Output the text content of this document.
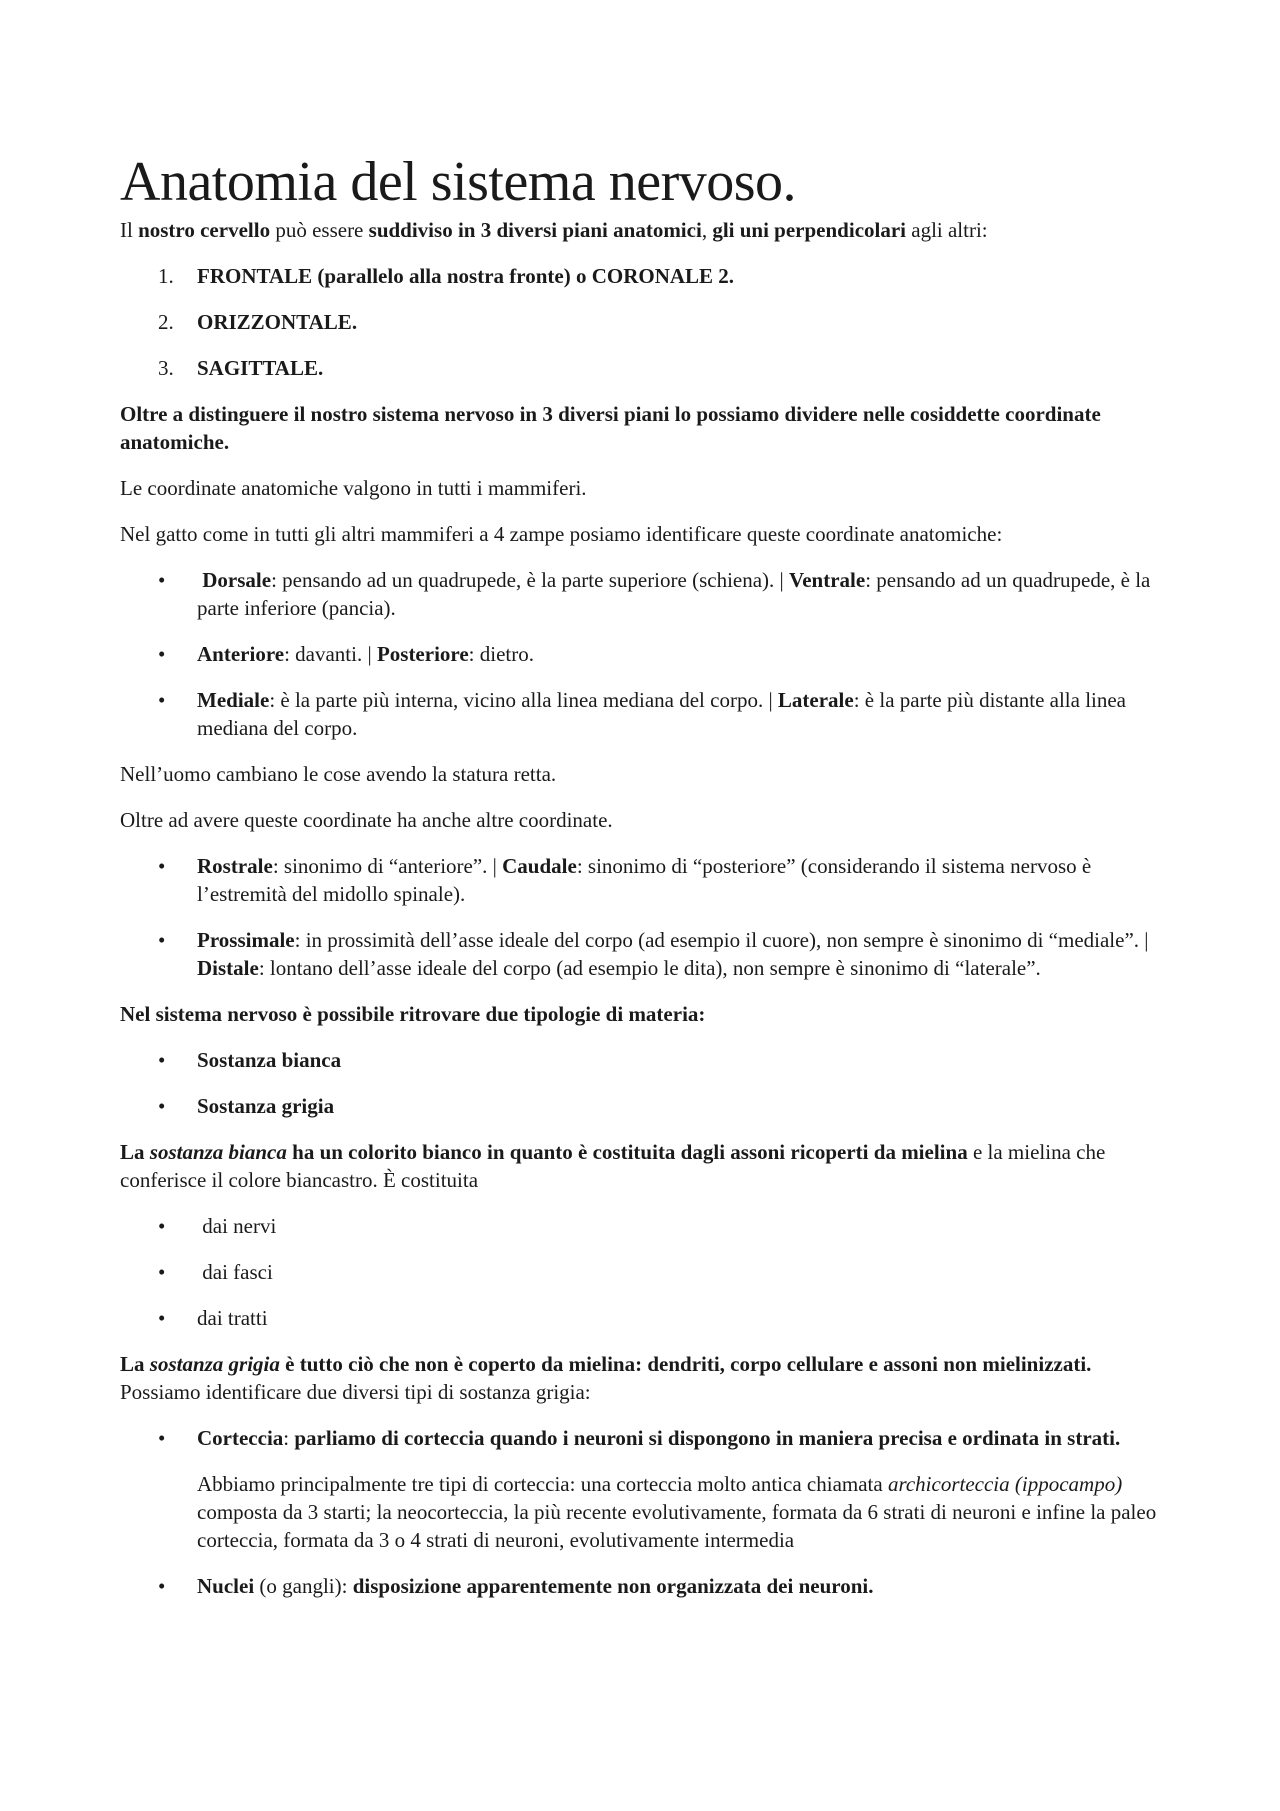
Anatomia del sistema nervoso.

Il nostro cervello può essere suddiviso in 3 diversi piani anatomici, gli uni perpendicolari agli altri:

1. FRONTALE (parallelo alla nostra fronte) o CORONALE 2.
2. ORIZZONTALE.
3. SAGITTALE.

Oltre a distinguere il nostro sistema nervoso in 3 diversi piani lo possiamo dividere nelle cosiddette coordinate anatomiche.

Le coordinate anatomiche valgono in tutti i mammiferi.

Nel gatto come in tutti gli altri mammiferi a 4 zampe posiamo identificare queste coordinate anatomiche:

• Dorsale: pensando ad un quadrupede, è la parte superiore (schiena). | Ventrale: pensando ad un quadrupede, è la parte inferiore (pancia).
• Anteriore: davanti. | Posteriore: dietro.
• Mediale: è la parte più interna, vicino alla linea mediana del corpo. | Laterale: è la parte più distante alla linea mediana del corpo.

Nell’uomo cambiano le cose avendo la statura retta.

Oltre ad avere queste coordinate ha anche altre coordinate.

• Rostrale: sinonimo di “anteriore”. | Caudale: sinonimo di “posteriore” (considerando il sistema nervoso è l’estremità del midollo spinale).
• Prossimale: in prossimità dell’asse ideale del corpo (ad esempio il cuore), non sempre è sinonimo di “mediale”. | Distale: lontano dell’asse ideale del corpo (ad esempio le dita), non sempre è sinonimo di “laterale”.

Nel sistema nervoso è possibile ritrovare due tipologie di materia:

• Sostanza bianca
• Sostanza grigia

La sostanza bianca ha un colorito bianco in quanto è costituita dagli assoni ricoperti da mielina e la mielina che conferisce il colore biancastro. È costituita

• dai nervi
• dai fasci
• dai tratti

La sostanza grigia è tutto ciò che non è coperto da mielina: dendriti, corpo cellulare e assoni non mielinizzati. Possiamo identificare due diversi tipi di sostanza grigia:

• Corteccia: parliamo di corteccia quando i neuroni si dispongono in maniera precisa e ordinata in strati.

Abbiamo principalmente tre tipi di corteccia: una corteccia molto antica chiamata archicorteccia (ippocampo) composta da 3 starti; la neocorteccia, la più recente evolutivamente, formata da 6 strati di neuroni e infine la paleo corteccia, formata da 3 o 4 strati di neuroni, evolutivamente intermedia

• Nuclei (o gangli): disposizione apparentemente non organizzata dei neuroni.
